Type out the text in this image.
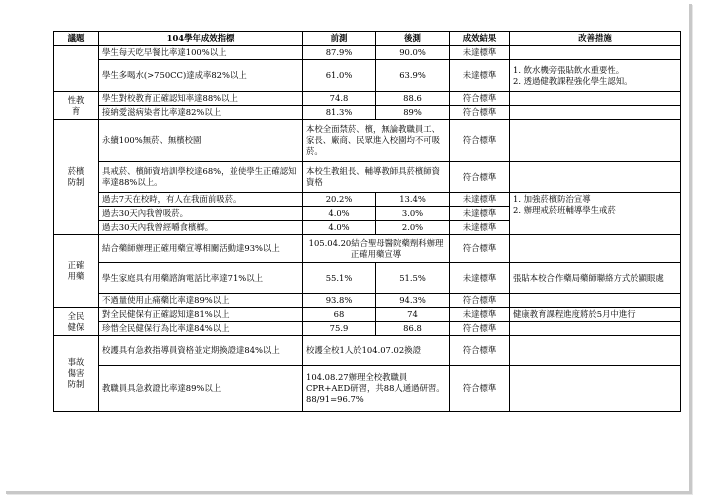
議題	104學年成效指標	前測	後測	成效結果	改善措施
	學生每天吃早餐比率達100%以上	87.9%	90.0%	未達標準	
	學生多喝水(>750CC)達成率82%以上	61.0%	63.9%	未達標準	1. 飲水機旁張貼飲水重要性。
2. 透過健教課程強化學生認知。

性教
育	學生對校教育正確認知率達88%以上	74.8	88.6	符合標準	
	接納愛滋病染者比率達82%以上	81.3%	89%	符合標準	

菸檳
防制	永續100%無菸、無檳校園	本校全面禁菸、檳，無論教職員工、家長、廠商、民眾進入校園均不可吸菸。		符合標準	
	具戒菸、檳師資培訓學校達68%，並使學生正確認知率達88%以上。	本校生教組長、輔導教師具菸檳師資資格		符合標準	
	過去7天在校時，有人在我面前吸菸。	20.2%	13.4%	未達標準	1. 加強菸檳防治宣導
2. 辦理戒菸班輔導學生戒菸

	過去30天內我曾吸菸。	4.0%	3.0%	未達標準	
	過去30天內我曾經嚼食檳榔。	4.0%	2.0%	未達標準	

正確
用藥	結合藥師辦理正確用藥宣導相關活動達93%以上	105.04.20結合聖母醫院藥劑科辦理正確用藥宣導		符合標準	
	學生家庭具有用藥諮詢電話比率達71%以上	55.1%	51.5%	未達標準	張貼本校合作藥局藥師聯絡方式於顯眼處
	不過量使用止痛藥比率達89%以上	93.8%	94.3%	符合標準	

全民
健保	對全民健保有正確認知達81%以上	68	74	未達標準	健康教育課程進度將於5月中進行
	珍惜全民健保行為比率達84%以上	75.9	86.8	符合標準	

事故
傷害
防制	校護具有急救指導員資格並定期換證達84%以上	校護全校1人於104.07.02換證		符合標準	
	教職員具急救證比率達89%以上	104.08.27辦理全校教職員CPR+AED研習，共88人通過研習。88/91=96.7%		符合標準	
